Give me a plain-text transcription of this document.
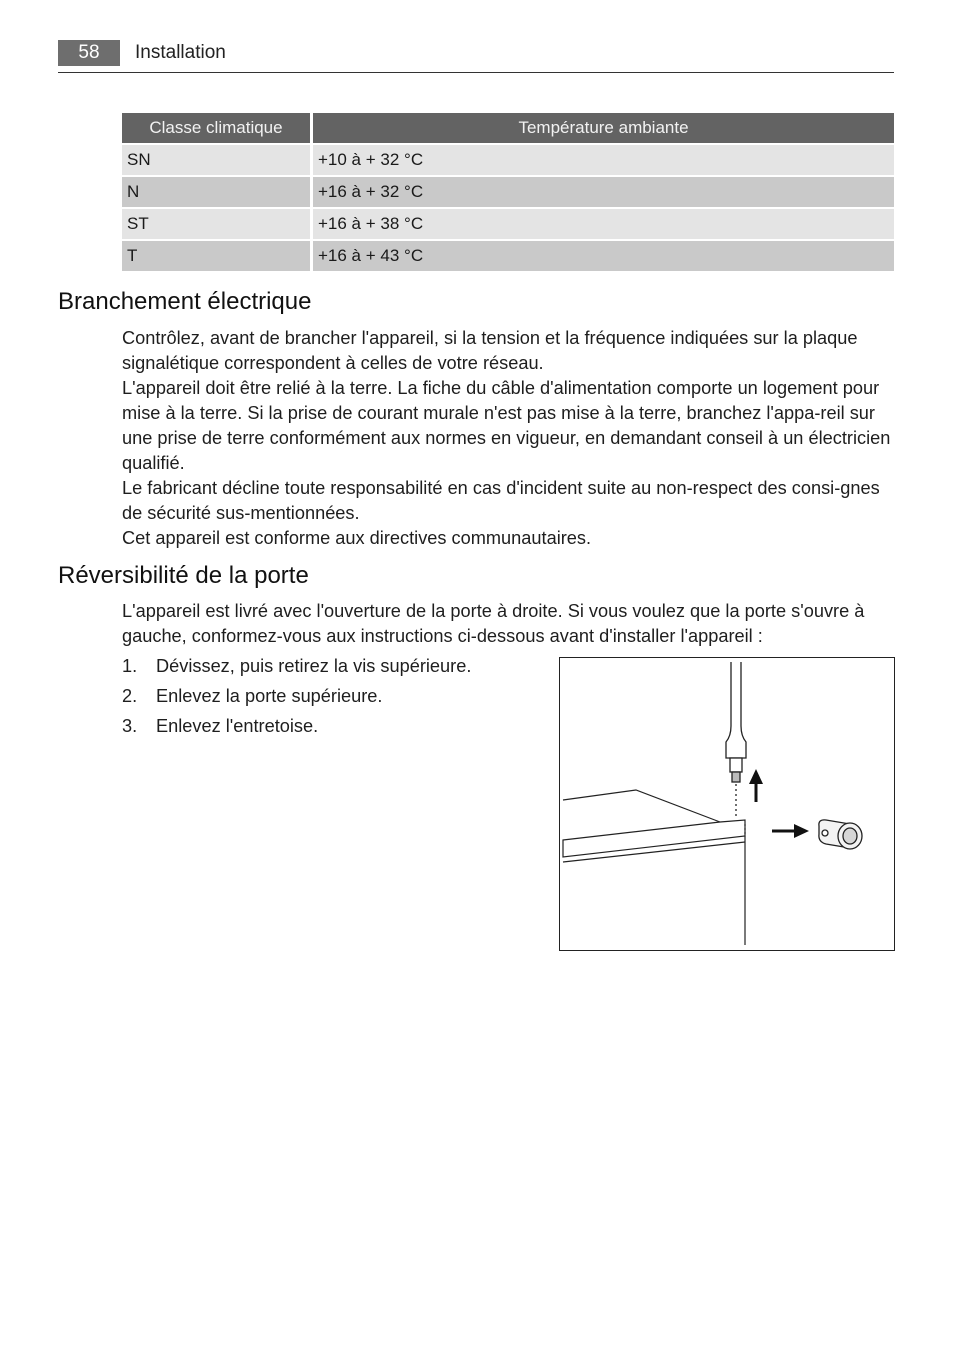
58	Installation
Classe climatique	Température ambiante
SN	+10 à + 32 °C
N	+16 à + 32 °C
ST	+16 à + 38 °C
T	+16 à + 43 °C
Branchement électrique

Contrôlez, avant de brancher l'appareil, si la tension et la fréquence indiquées sur la plaque signalétique correspondent à celles de votre réseau.

L'appareil doit être relié à la terre. La fiche du câble d'alimentation comporte un logement pour mise à la terre. Si la prise de courant murale n'est pas mise à la terre, branchez l'appa-reil sur une prise de terre conformément aux normes en vigueur, en demandant conseil à un électricien qualifié.

Le fabricant décline toute responsabilité en cas d'incident suite au non-respect des consi-gnes de sécurité sus-mentionnées.

Cet appareil est conforme aux directives communautaires.

Réversibilité de la porte

L'appareil est livré avec l'ouverture de la porte à droite. Si vous voulez que la porte s'ouvre à gauche, conformez-vous aux instructions ci-dessous avant d'installer l'appareil :

1. Dévissez, puis retirez la vis supérieure.
2. Enlevez la porte supérieure.
3. Enlevez l'entretoise.
